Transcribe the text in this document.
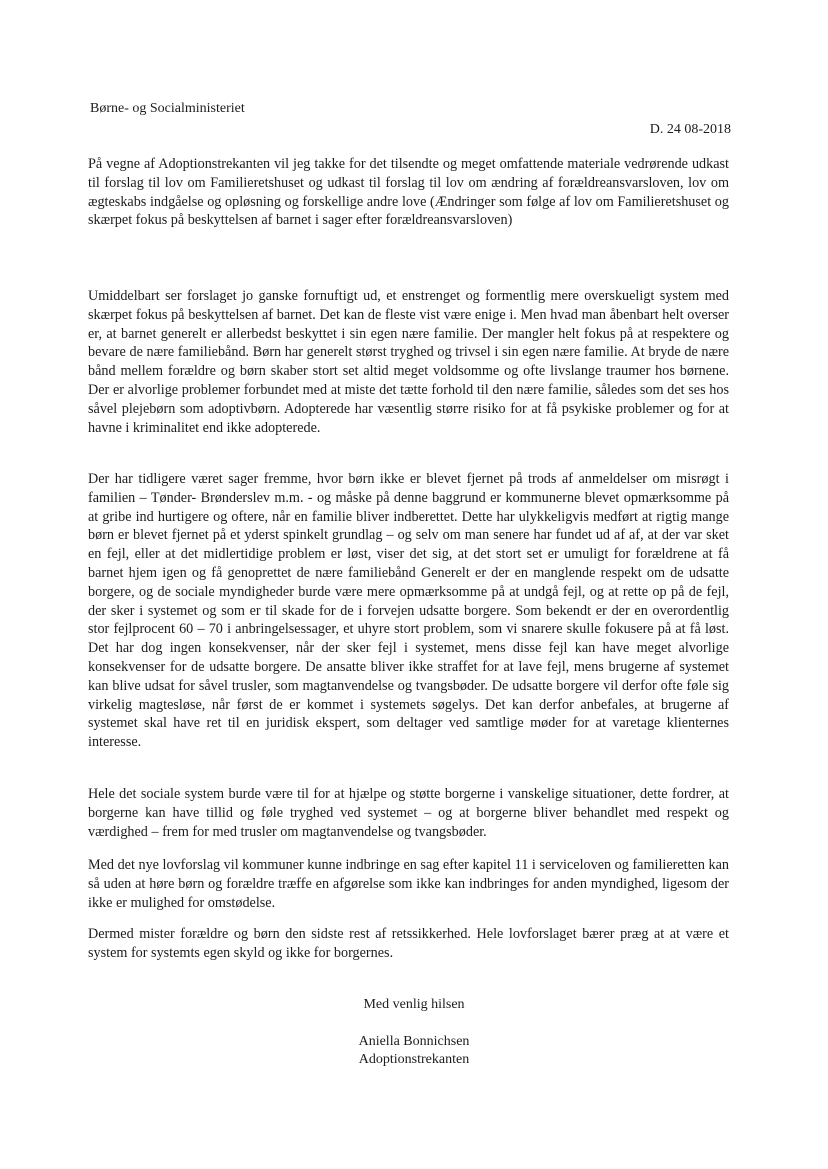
Børne- og Socialministeriet
D. 24 08-2018

På vegne af Adoptionstrekanten vil jeg takke for det tilsendte og meget omfattende materiale vedrørende udkast til forslag til lov om Familieretshuset og udkast til forslag til lov om ændring af forældreansvarsloven, lov om ægteskabs indgåelse og opløsning og forskellige andre love (Ændringer som følge af lov om Familieretshuset og skærpet fokus på beskyttelsen af barnet i sager efter forældreansvarsloven)

Umiddelbart ser forslaget jo ganske fornuftigt ud, et enstrenget og formentlig mere overskueligt system med skærpet fokus på beskyttelsen af barnet. Det kan de fleste vist være enige i. Men hvad man åbenbart helt overser er, at barnet generelt er allerbedst beskyttet i sin egen nære familie. Der mangler helt fokus på at respektere og bevare de nære familiebånd. Børn har generelt størst tryghed og trivsel i sin egen nære familie. At bryde de nære bånd mellem forældre og børn skaber stort set altid meget voldsomme og ofte livslange traumer hos børnene. Der er alvorlige problemer forbundet med at miste det tætte forhold til den nære familie, således som det ses hos såvel plejebørn som adoptivbørn. Adopterede har væsentlig større risiko for at få psykiske problemer og for at havne i kriminalitet end ikke adopterede.

Der har tidligere været sager fremme, hvor børn ikke er blevet fjernet på trods af anmeldelser om misrøgt i familien – Tønder- Brønderslev m.m. - og måske på denne baggrund er kommunerne blevet opmærksomme på at gribe ind hurtigere og oftere, når en familie bliver indberettet. Dette har ulykkeligvis medført at rigtig mange børn er blevet fjernet på et yderst spinkelt grundlag – og selv om man senere har fundet ud af af, at der var sket en fejl, eller at det midlertidige problem er løst, viser det sig, at det stort set er umuligt for forældrene at få barnet hjem igen og få genoprettet de nære familiebånd Generelt er der en manglende respekt om de udsatte borgere, og de sociale myndigheder burde være mere opmærksomme på at undgå fejl, og at rette op på de fejl, der sker i systemet og som er til skade for de i forvejen udsatte borgere. Som bekendt er der en overordentlig stor fejlprocent 60 – 70 i anbringelsessager, et uhyre stort problem, som vi snarere skulle fokusere på at få løst. Det har dog ingen konsekvenser, når der sker fejl i systemet, mens disse fejl kan have meget alvorlige konsekvenser for de udsatte borgere. De ansatte bliver ikke straffet for at lave fejl, mens brugerne af systemet kan blive udsat for såvel trusler, som magtanvendelse og tvangsbøder. De udsatte borgere vil derfor ofte føle sig virkelig magtesløse, når først de er kommet i systemets søgelys. Det kan derfor anbefales, at brugerne af systemet skal have ret til en juridisk ekspert, som deltager ved samtlige møder for at varetage klienternes interesse.

Hele det sociale system burde være til for at hjælpe og støtte borgerne i vanskelige situationer, dette fordrer, at borgerne kan have tillid og føle tryghed ved systemet – og at borgerne bliver behandlet med respekt og værdighed – frem for med trusler om magtanvendelse og tvangsbøder.

Med det nye lovforslag vil kommuner kunne indbringe en sag efter kapitel 11 i serviceloven og familieretten kan så uden at høre børn og forældre træffe en afgørelse som ikke kan indbringes for anden myndighed, ligesom der ikke er mulighed for omstødelse.

Dermed mister forældre og børn den sidste rest af retssikkerhed. Hele lovforslaget bærer præg at at være et system for systemts egen skyld og ikke for borgernes.

Med venlig hilsen
Aniella Bonnichsen
Adoptionstrekanten
